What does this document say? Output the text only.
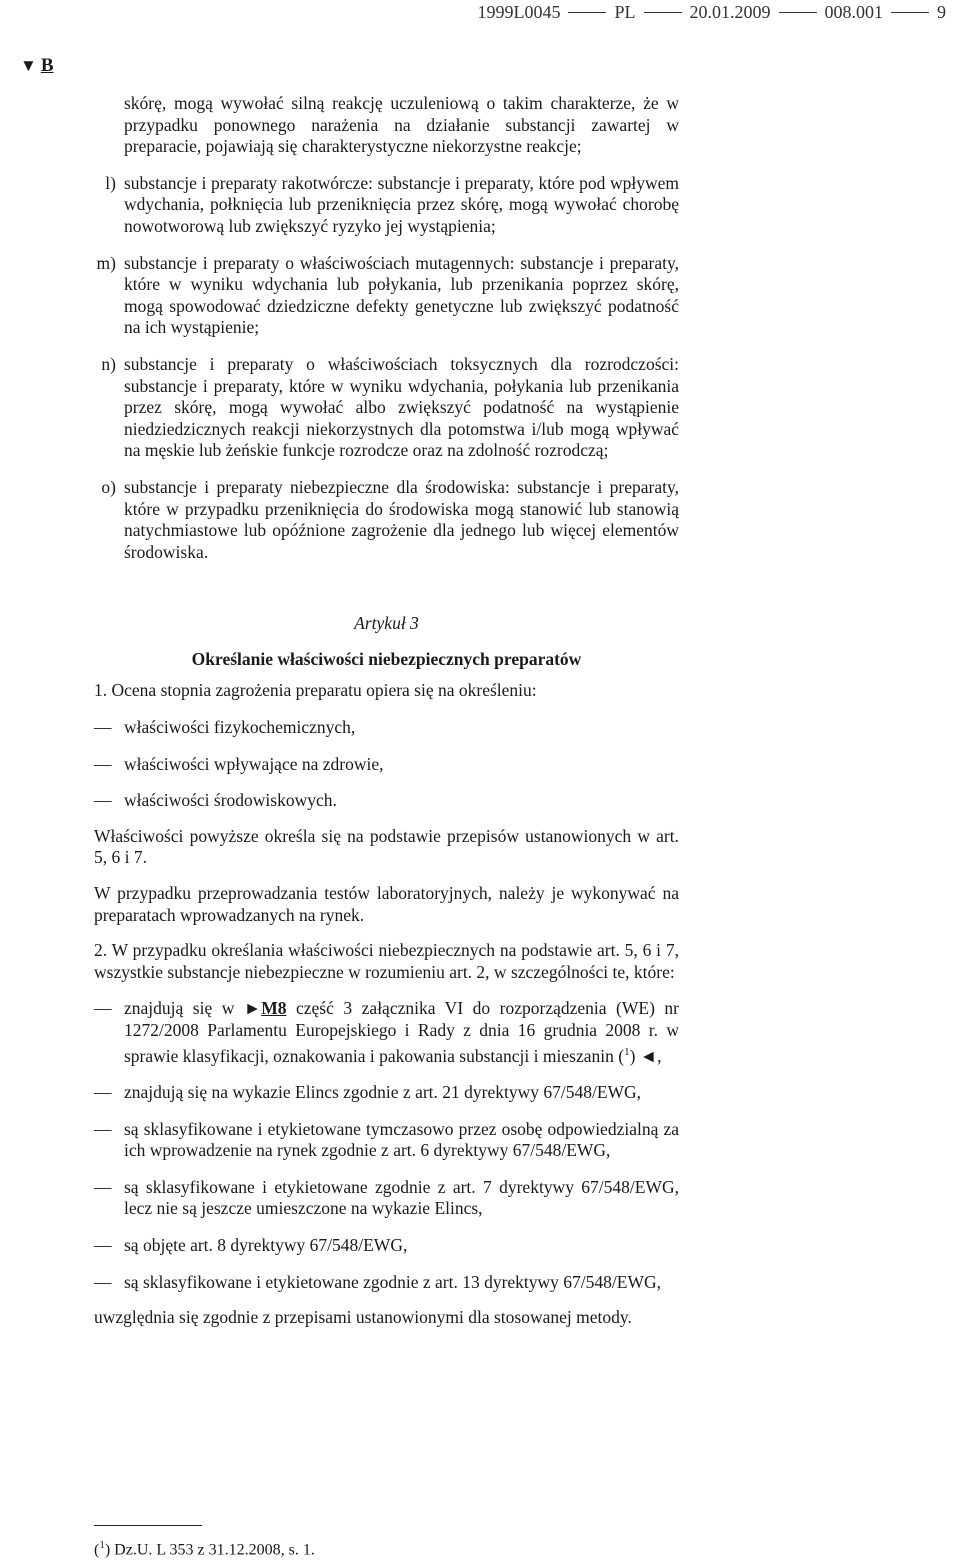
1999L0045	PL	20.01.2009	008.001	9
▼ B

skórę, mogą wywołać silną reakcję uczuleniową o takim charakterze, że w przypadku ponownego narażenia na działanie substancji zawartej w preparacie, pojawiają się charakterystyczne niekorzystne reakcje;

l) substancje i preparaty rakotwórcze: substancje i preparaty, które pod wpływem wdychania, połknięcia lub przeniknięcia przez skórę, mogą wywołać chorobę nowotworową lub zwiększyć ryzyko jej wystąpienia;
m) substancje i preparaty o właściwościach mutagennych: substancje i preparaty, które w wyniku wdychania lub połykania, lub przenikania poprzez skórę, mogą spowodować dziedziczne defekty genetyczne lub zwiększyć podatność na ich wystąpienie;
n) substancje i preparaty o właściwościach toksycznych dla rozrodczości: substancje i preparaty, które w wyniku wdychania, połykania lub przenikania przez skórę, mogą wywołać albo zwiększyć podatność na wystąpienie niedziedzicznych reakcji niekorzystnych dla potomstwa i/lub mogą wpływać na męskie lub żeńskie funkcje rozrodcze oraz na zdolność rozrodczą;
o) substancje i preparaty niebezpieczne dla środowiska: substancje i preparaty, które w przypadku przeniknięcia do środowiska mogą stanowić lub stanowią natychmiastowe lub opóźnione zagrożenie dla jednego lub więcej elementów środowiska.
Artykuł 3
Określanie właściwości niebezpiecznych preparatów

1. Ocena stopnia zagrożenia preparatu opiera się na określeniu:

— właściwości fizykochemicznych,
— właściwości wpływające na zdrowie,
— właściwości środowiskowych.

Właściwości powyższe określa się na podstawie przepisów ustanowionych w art. 5, 6 i 7.

W przypadku przeprowadzania testów laboratoryjnych, należy je wykonywać na preparatach wprowadzanych na rynek.

2. W przypadku określania właściwości niebezpiecznych na podstawie art. 5, 6 i 7, wszystkie substancje niebezpieczne w rozumieniu art. 2, w szczególności te, które:

— znajdują się w ►M8 część 3 załącznika VI do rozporządzenia (WE) nr 1272/2008 Parlamentu Europejskiego i Rady z dnia 16 grudnia 2008 r. w sprawie klasyfikacji, oznakowania i pakowania substancji i mieszanin ($^1$) ◄,
— znajdują się na wykazie Elincs zgodnie z art. 21 dyrektywy 67/548/EWG,
— są sklasyfikowane i etykietowane tymczasowo przez osobę odpowiedzialną za ich wprowadzenie na rynek zgodnie z art. 6 dyrektywy 67/548/EWG,
— są sklasyfikowane i etykietowane zgodnie z art. 7 dyrektywy 67/548/EWG, lecz nie są jeszcze umieszczone na wykazie Elincs,
— są objęte art. 8 dyrektywy 67/548/EWG,
— są sklasyfikowane i etykietowane zgodnie z art. 13 dyrektywy 67/548/EWG,

uwzględnia się zgodnie z przepisami ustanowionymi dla stosowanej metody.

($^1$) Dz.U. L 353 z 31.12.2008, s. 1.
